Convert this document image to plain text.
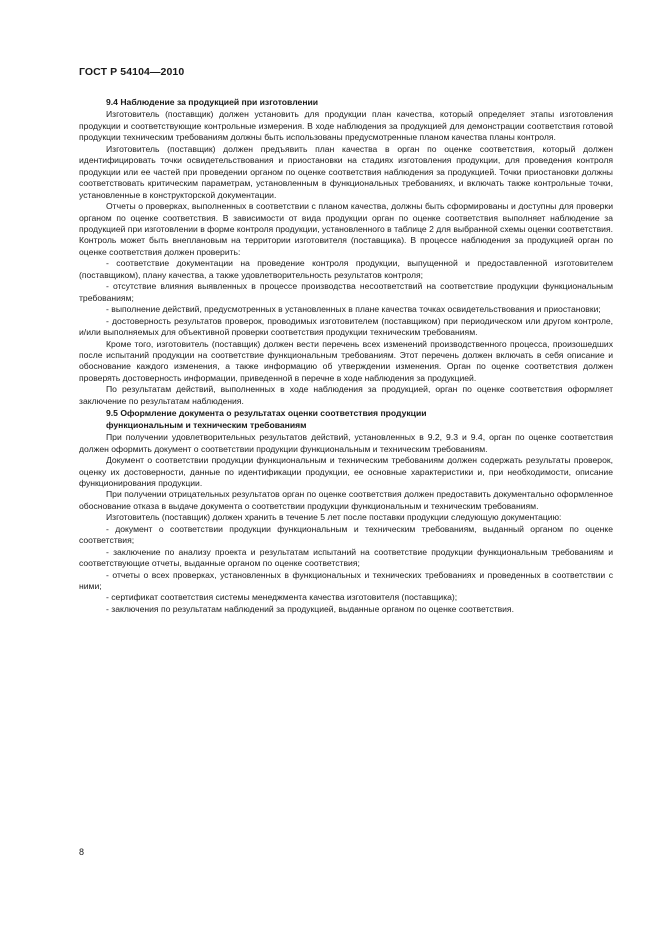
ГОСТ Р 54104—2010
9.4 Наблюдение за продукцией при изготовлении

Изготовитель (поставщик) должен установить для продукции план качества, который определяет этапы изготовления продукции и соответствующие контрольные измерения. В ходе наблюдения за продукцией для демонстрации соответствия готовой продукции техническим требованиям должны быть использованы предусмотренные планом качества планы контроля.

Изготовитель (поставщик) должен предъявить план качества в орган по оценке соответствия, который должен идентифицировать точки освидетельствования и приостановки на стадиях изготовления продукции, для проведения контроля продукции или ее частей при проведении органом по оценке соответствия наблюдения за продукцией. Точки приостановки должны соответствовать критическим параметрам, установленным в функциональных требованиях, и включать также контрольные точки, установленные в конструкторской документации.

Отчеты о проверках, выполненных в соответствии с планом качества, должны быть сформированы и доступны для проверки органом по оценке соответствия. В зависимости от вида продукции орган по оценке соответствия выполняет наблюдение за продукцией при изготовлении в форме контроля продукции, установленного в таблице 2 для выбранной схемы оценки соответствия. Контроль может быть внеплановым на территории изготовителя (поставщика). В процессе наблюдения за продукцией орган по оценке соответствия должен проверить:

- соответствие документации на проведение контроля продукции, выпущенной и предоставленной изготовителем (поставщиком), плану качества, а также удовлетворительность результатов контроля;

- отсутствие влияния выявленных в процессе производства несоответствий на соответствие продукции функциональным требованиям;

- выполнение действий, предусмотренных в установленных в плане качества точках освидетельствования и приостановки;

- достоверность результатов проверок, проводимых изготовителем (поставщиком) при периодическом или другом контроле, и/или выполняемых для объективной проверки соответствия продукции техническим требованиям.

Кроме того, изготовитель (поставщик) должен вести перечень всех изменений производственного процесса, произошедших после испытаний продукции на соответствие функциональным требованиям. Этот перечень должен включать в себя описание и обоснование каждого изменения, а также информацию об утверждении изменения. Орган по оценке соответствия должен проверять достоверность информации, приведенной в перечне в ходе наблюдения за продукцией.

По результатам действий, выполненных в ходе наблюдения за продукцией, орган по оценке соответствия оформляет заключение по результатам наблюдения.

9.5 Оформление документа о результатах оценки соответствия продукции
функциональным и техническим требованиям

При получении удовлетворительных результатов действий, установленных в 9.2, 9.3 и 9.4, орган по оценке соответствия должен оформить документ о соответствии продукции функциональным и техническим требованиям.

Документ о соответствии продукции функциональным и техническим требованиям должен содержать результаты проверок, оценку их достоверности, данные по идентификации продукции, ее основные характеристики и, при необходимости, описание функционирования продукции.

При получении отрицательных результатов орган по оценке соответствия должен предоставить документально оформленное обоснование отказа в выдаче документа о соответствии продукции функциональным и техническим требованиям.

Изготовитель (поставщик) должен хранить в течение 5 лет после поставки продукции следующую документацию:

- документ о соответствии продукции функциональным и техническим требованиям, выданный органом по оценке соответствия;

- заключение по анализу проекта и результатам испытаний на соответствие продукции функциональным требованиям и соответствующие отчеты, выданные органом по оценке соответствия;

- отчеты о всех проверках, установленных в функциональных и технических требованиях и проведенных в соответствии с ними;

- сертификат соответствия системы менеджмента качества изготовителя (поставщика);

- заключения по результатам наблюдений за продукцией, выданные органом по оценке соответствия.

8
